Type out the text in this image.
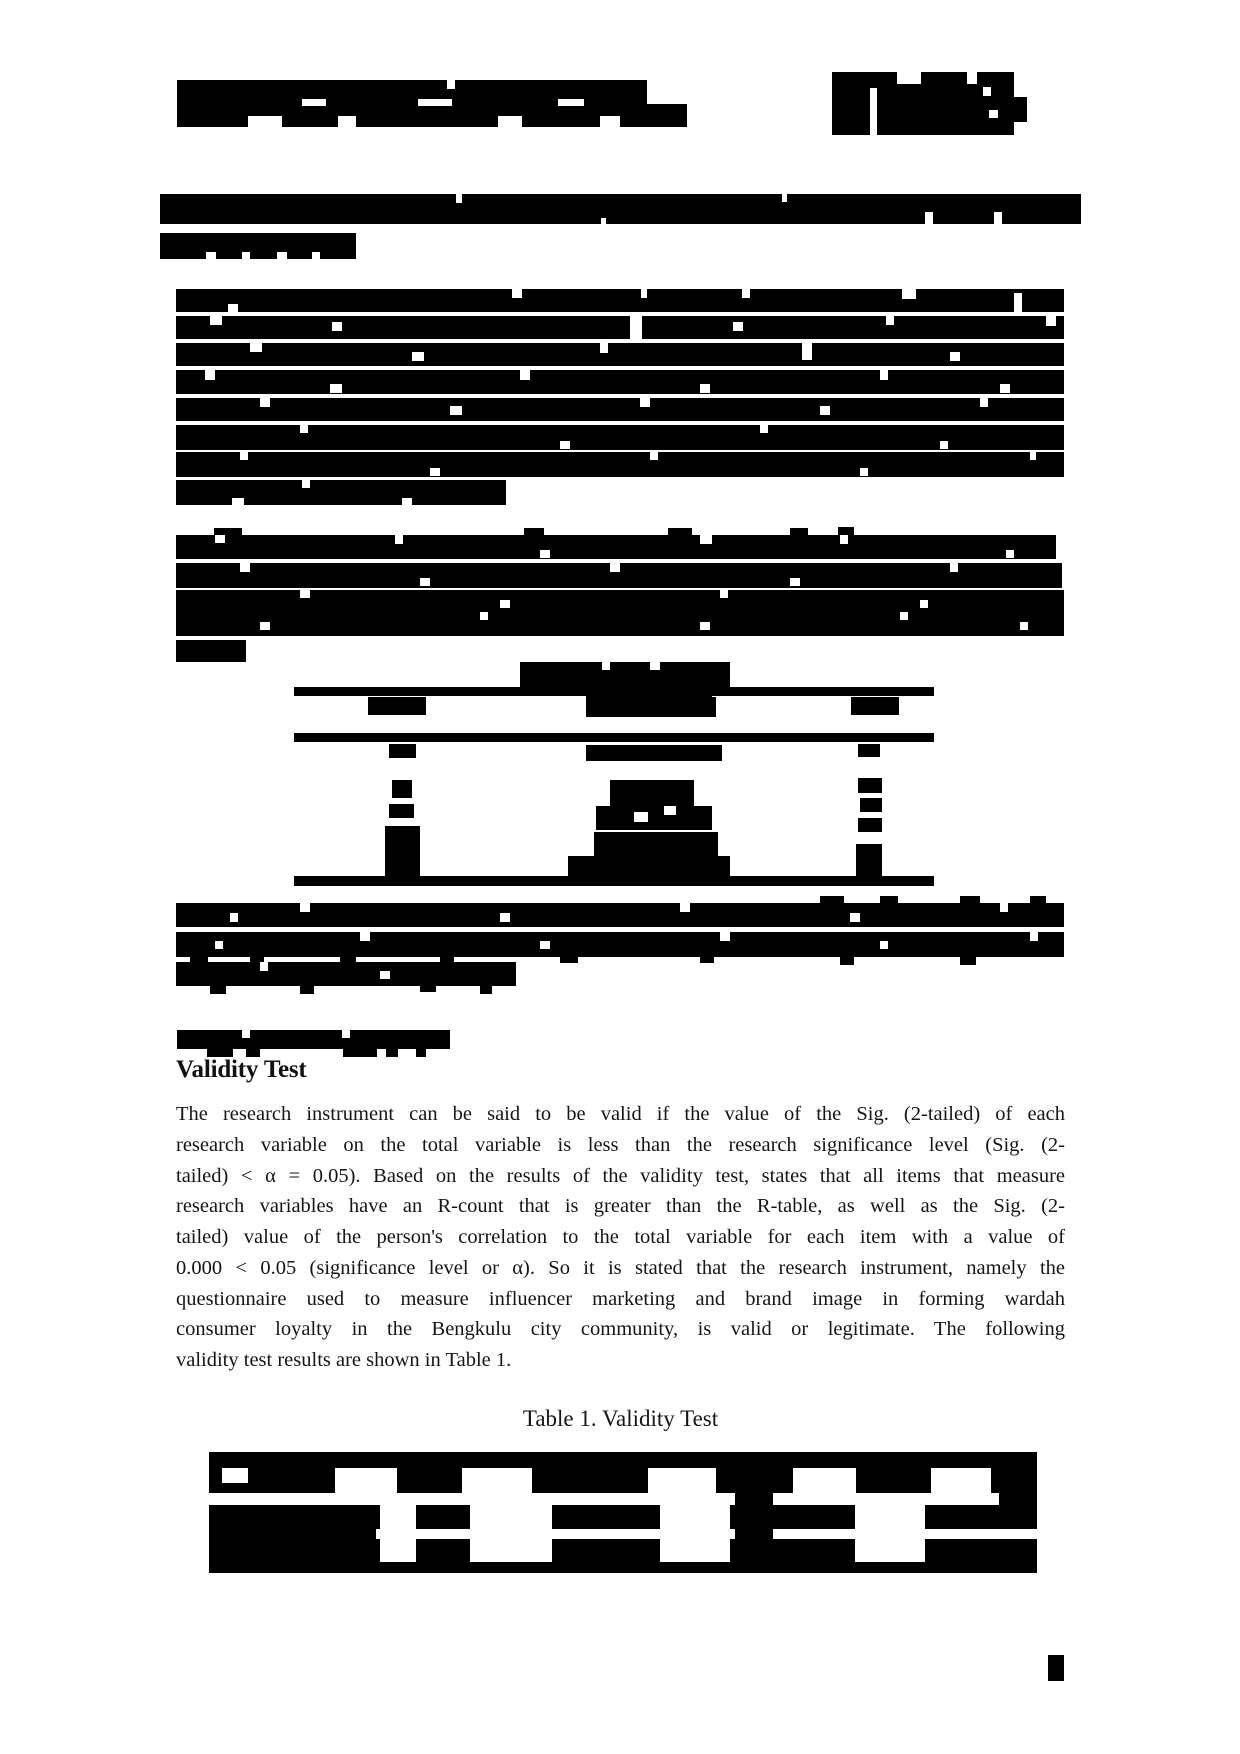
Validity Test
The research instrument can be said to be valid if the value of the Sig. (2-tailed) of each
research variable on the total variable is less than the research significance level (Sig. (2-
tailed) < α = 0.05). Based on the results of the validity test, states that all items that measure
research variables have an R-count that is greater than the R-table, as well as the Sig. (2-
tailed) value of the person's correlation to the total variable for each item with a value of
0.000 < 0.05 (significance level or α). So it is stated that the research instrument, namely the
questionnaire used to measure influencer marketing and brand image in forming wardah
consumer loyalty in the Bengkulu city community, is valid or legitimate. The following
validity test results are shown in Table 1.
Table 1. Validity Test
